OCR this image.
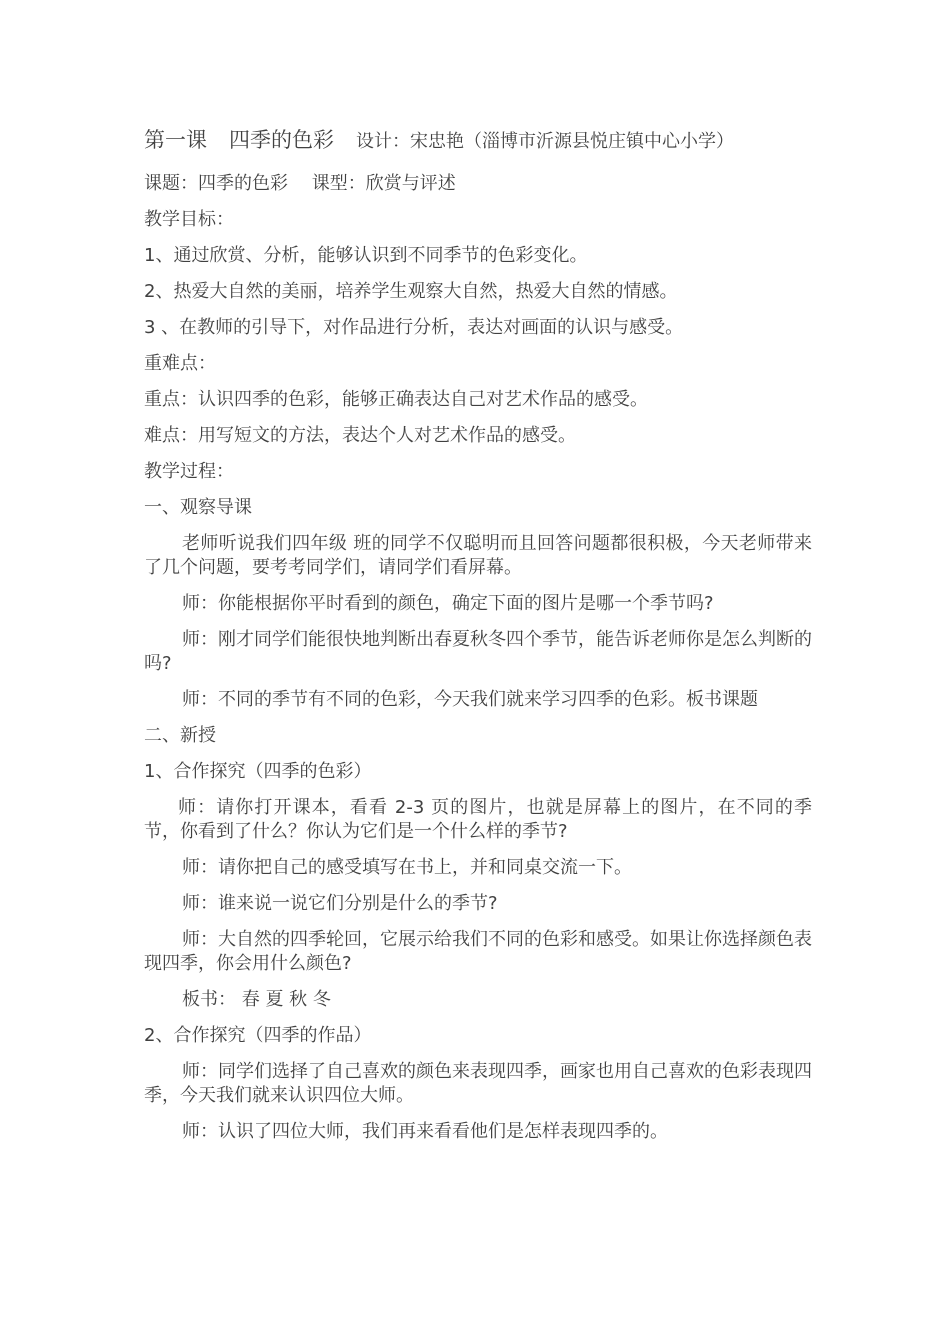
第一课 四季的色彩 设计：宋忠艳（淄博市沂源县悦庄镇中心小学）
课题：四季的色彩　 课型：欣赏与评述
教学目标：
1、通过欣赏、分析，能够认识到不同季节的色彩变化。
2、热爱大自然的美丽，培养学生观察大自然，热爱大自然的情感。
3 、在教师的引导下，对作品进行分析，表达对画面的认识与感受。
重难点：
重点：认识四季的色彩，能够正确表达自己对艺术作品的感受。
难点：用写短文的方法，表达个人对艺术作品的感受。
教学过程：
一、观察导课
老师听说我们四年级 班的同学不仅聪明而且回答问题都很积极，今天老师带来了几个问题，要考考同学们，请同学们看屏幕。
师：你能根据你平时看到的颜色，确定下面的图片是哪一个季节吗?
师：刚才同学们能很快地判断出春夏秋冬四个季节，能告诉老师你是怎么判断的吗?
师：不同的季节有不同的色彩，今天我们就来学习四季的色彩。板书课题
二、新授
1、合作探究（四季的色彩）
师：请你打开课本，看看 2-3 页的图片，也就是屏幕上的图片，在不同的季节，你看到了什么？你认为它们是一个什么样的季节?
师：请你把自己的感受填写在书上，并和同桌交流一下。
师：谁来说一说它们分别是什么的季节?
师：大自然的四季轮回，它展示给我们不同的色彩和感受。如果让你选择颜色表现四季，你会用什么颜色?
板书： 春 夏 秋 冬
2、合作探究（四季的作品）
师：同学们选择了自己喜欢的颜色来表现四季，画家也用自己喜欢的色彩表现四季，今天我们就来认识四位大师。
师：认识了四位大师，我们再来看看他们是怎样表现四季的。
